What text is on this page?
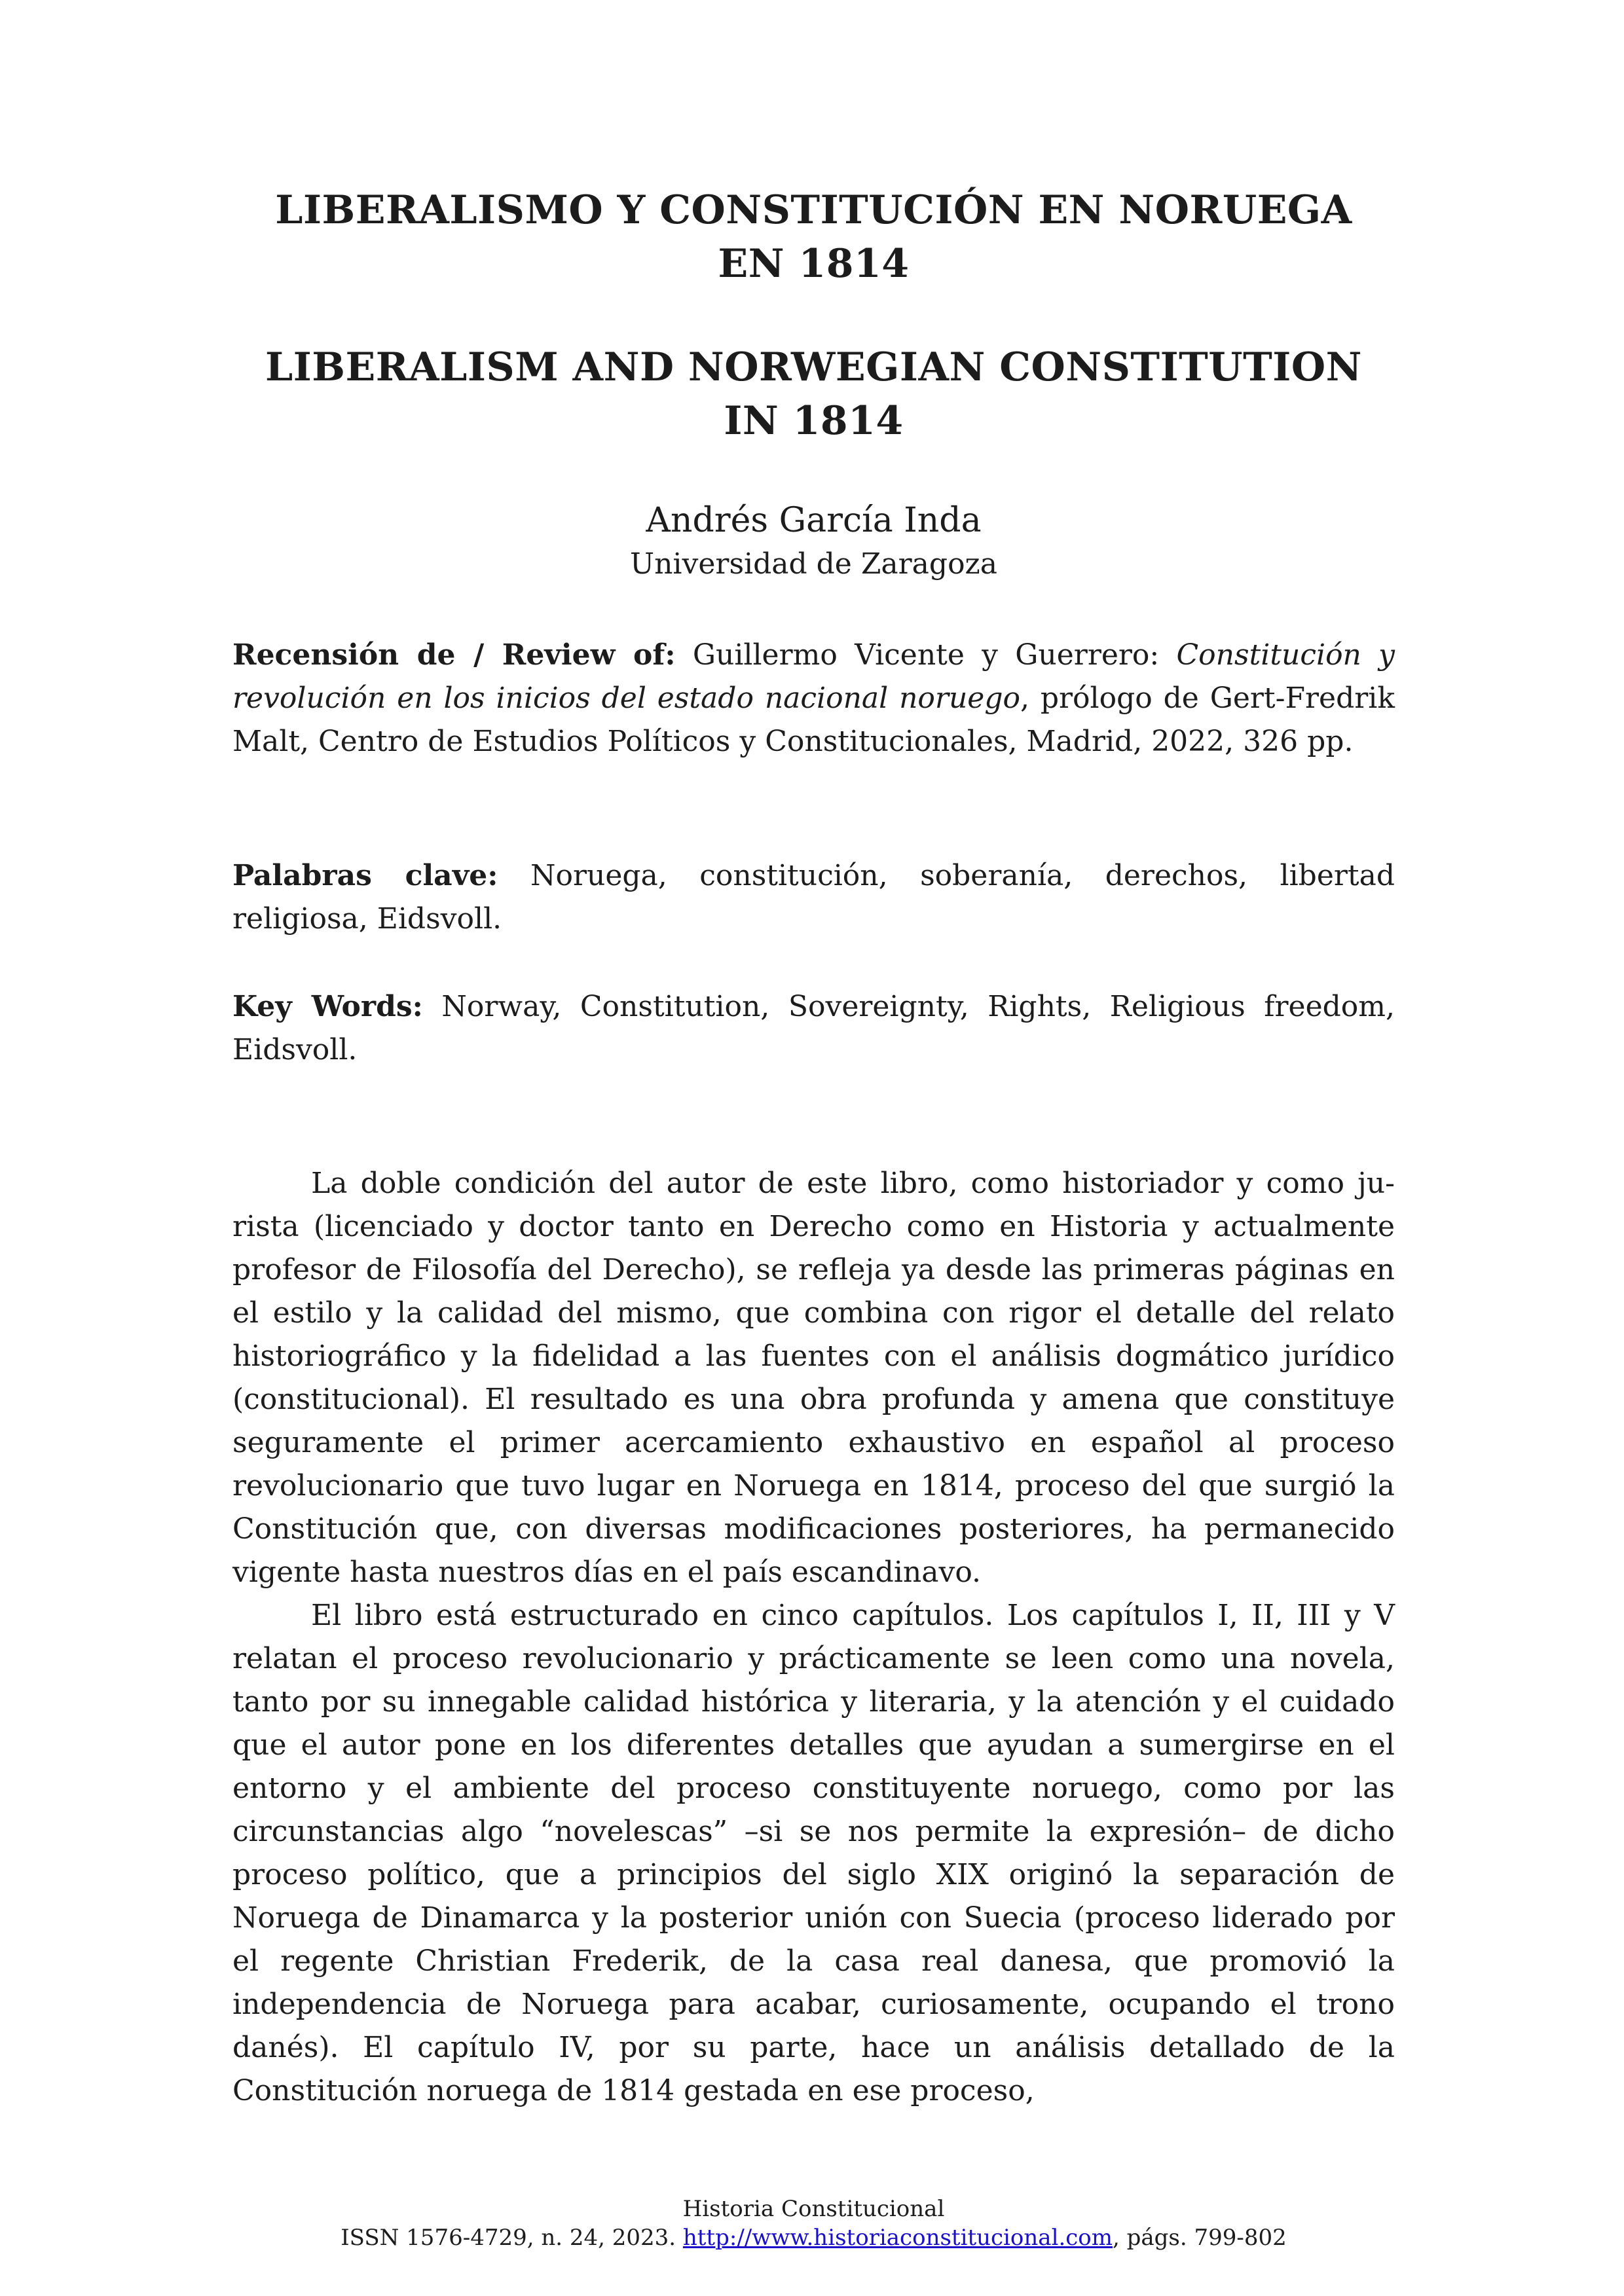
LIBERALISMO Y CONSTITUCIÓN EN NORUEGA
EN 1814
LIBERALISM AND NORWEGIAN CONSTITUTION
IN 1814
Andrés García Inda
Universidad de Zaragoza
Recensión de / Review of: Guillermo Vicente y Guerrero: Constitución y revolución en los inicios del estado nacional noruego, prólogo de Gert-Fredrik Malt, Centro de Estudios Políticos y Constitucionales, Madrid, 2022, 326 pp.
Palabras clave: Noruega, constitución, soberanía, derechos, libertad religiosa, Eidsvoll.
Key Words: Norway, Constitution, Sovereignty, Rights, Religious freedom, Eidsvoll.

La doble condición del autor de este libro, como historiador y como jurista (licenciado y doctor tanto en Derecho como en Historia y actualmente profesor de Filosofía del Derecho), se refleja ya desde las primeras páginas en el estilo y la calidad del mismo, que combina con rigor el detalle del relato historiográfico y la fidelidad a las fuentes con el análisis dogmático jurídico (constitucional). El resultado es una obra profunda y amena que constituye seguramente el primer acercamiento exhaustivo en español al proceso revolucionario que tuvo lugar en Noruega en 1814, proceso del que surgió la Constitución que, con diversas modificaciones posteriores, ha permanecido vigente hasta nuestros días en el país escandinavo.

El libro está estructurado en cinco capítulos. Los capítulos I, II, III y V relatan el proceso revolucionario y prácticamente se leen como una novela, tanto por su innegable calidad histórica y literaria, y la atención y el cuidado que el autor pone en los diferentes detalles que ayudan a sumergirse en el entorno y el ambiente del proceso constituyente noruego, como por las circunstancias algo “novelescas” –si se nos permite la expresión– de dicho proceso político, que a principios del siglo XIX originó la separación de Noruega de Dinamarca y la posterior unión con Suecia (proceso liderado por el regente Christian Frederik, de la casa real danesa, que promovió la independencia de Noruega para acabar, curiosamente, ocupando el trono danés). El capítulo IV, por su parte, hace un análisis detallado de la Constitución noruega de 1814 gestada en ese proceso,

Historia Constitucional
ISSN 1576-4729, n. 24, 2023. http://www.historiaconstitucional.com, págs. 799-802
